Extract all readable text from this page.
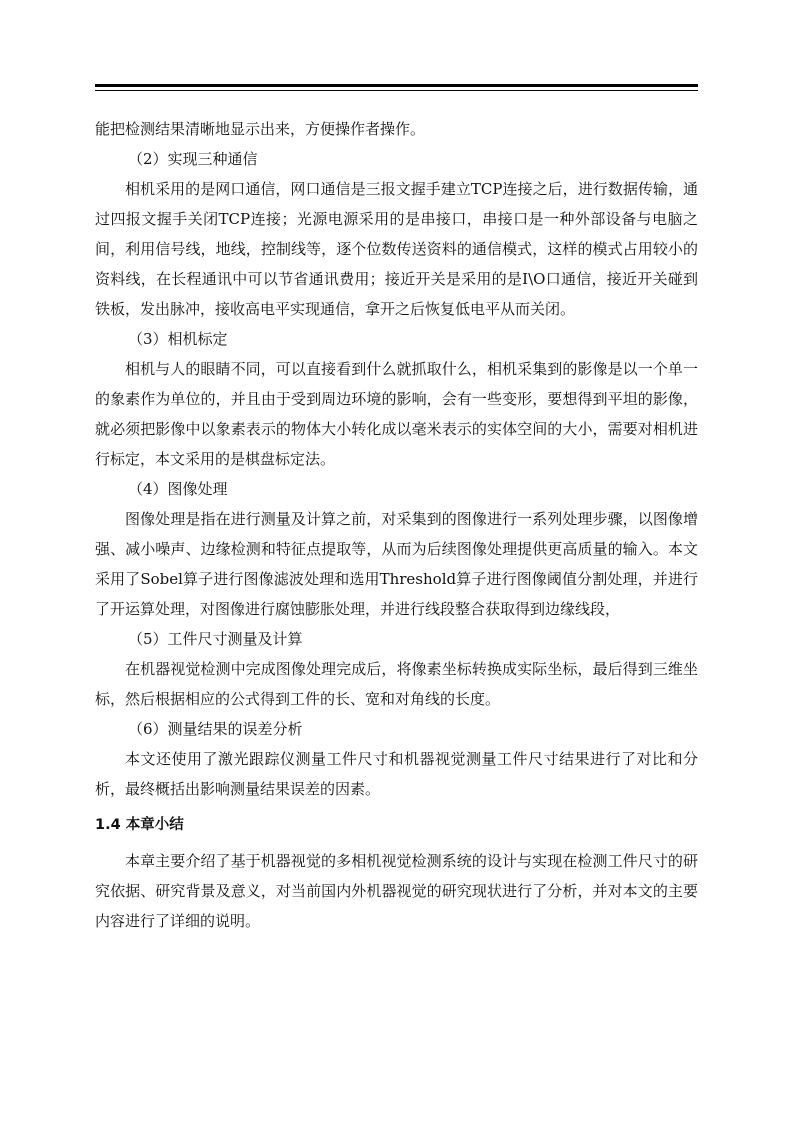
能把检测结果清晰地显示出来，方便操作者操作。

（2）实现三种通信

相机采用的是网口通信，网口通信是三报文握手建立TCP连接之后，进行数据传输，通过四报文握手关闭TCP连接；光源电源采用的是串接口，串接口是一种外部设备与电脑之间，利用信号线，地线，控制线等，逐个位数传送资料的通信模式，这样的模式占用较小的资料线，在长程通讯中可以节省通讯费用；接近开关是采用的是I\O口通信，接近开关碰到铁板，发出脉冲，接收高电平实现通信，拿开之后恢复低电平从而关闭。

（3）相机标定

相机与人的眼睛不同，可以直接看到什么就抓取什么，相机采集到的影像是以一个单一的象素作为单位的，并且由于受到周边环境的影响，会有一些变形，要想得到平坦的影像，就必须把影像中以象素表示的物体大小转化成以毫米表示的实体空间的大小，需要对相机进行标定，本文采用的是棋盘标定法。

（4）图像处理

图像处理是指在进行测量及计算之前，对采集到的图像进行一系列处理步骤，以图像增强、减小噪声、边缘检测和特征点提取等，从而为后续图像处理提供更高质量的输入。本文采用了Sobel算子进行图像滤波处理和选用Threshold算子进行图像阈值分割处理，并进行了开运算处理，对图像进行腐蚀膨胀处理，并进行线段整合获取得到边缘线段，

（5）工件尺寸测量及计算

在机器视觉检测中完成图像处理完成后，将像素坐标转换成实际坐标，最后得到三维坐标，然后根据相应的公式得到工件的长、宽和对角线的长度。

（6）测量结果的误差分析

本文还使用了激光跟踪仪测量工件尺寸和机器视觉测量工件尺寸结果进行了对比和分析，最终概括出影响测量结果误差的因素。

1.4 本章小结

本章主要介绍了基于机器视觉的多相机视觉检测系统的设计与实现在检测工件尺寸的研究依据、研究背景及意义，对当前国内外机器视觉的研究现状进行了分析，并对本文的主要内容进行了详细的说明。
